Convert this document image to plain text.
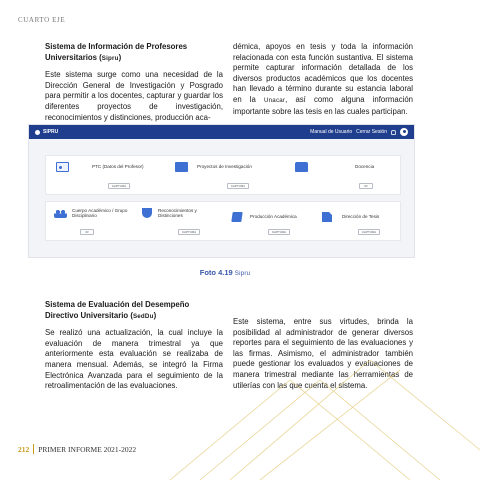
CUARTO EJE
Sistema de Información de Profesores Universitarios (Sipru)

Este sistema surge como una necesidad de la Dirección General de Investigación y Posgrado para permitir a los docentes, capturar y guardar los diferentes proyectos de investigación, reconocimientos y distinciones, producción aca-

démica, apoyos en tesis y toda la información relacionada con esta función sustantiva. El sistema permite capturar información detallada de los diversos productos académicos que los docentes han llevado a término durante su estancia laboral en la Unacar, así como alguna información importante sobre las tesis en las cuales participan.

SIPRU	Manual de Usuario Cerrar Sesión
PTC (Datos del Profesor)
CAPTURA
Proyectos de Investigación
CAPTURA
Docencia
IR
Cuerpo Académico / Grupo Disciplinario
IR
Reconocimientos y Distinciones
CAPTURA
Producción Académica
CAPTURA
Dirección de Tesis
CAPTURA
Foto 4.19 Sipru
Sistema de Evaluación del Desempeño Directivo Universitario (SedDu)

Se realizó una actualización, la cual incluye la evaluación de manera trimestral ya que anteriormente esta evaluación se realizaba de manera mensual. Además, se integró la Firma Electrónica Avanzada para el seguimiento de la retroalimentación de las evaluaciones.

Este sistema, entre sus virtudes, brinda la posibilidad al administrador de generar diversos reportes para el seguimiento de las evaluaciones y las firmas. Asimismo, el administrador también puede gestionar los evaluados y evaluaciones de manera trimestral mediante las herramientas de utilerías con las que cuenta el sistema.

212 PRIMER INFORME 2021-2022
